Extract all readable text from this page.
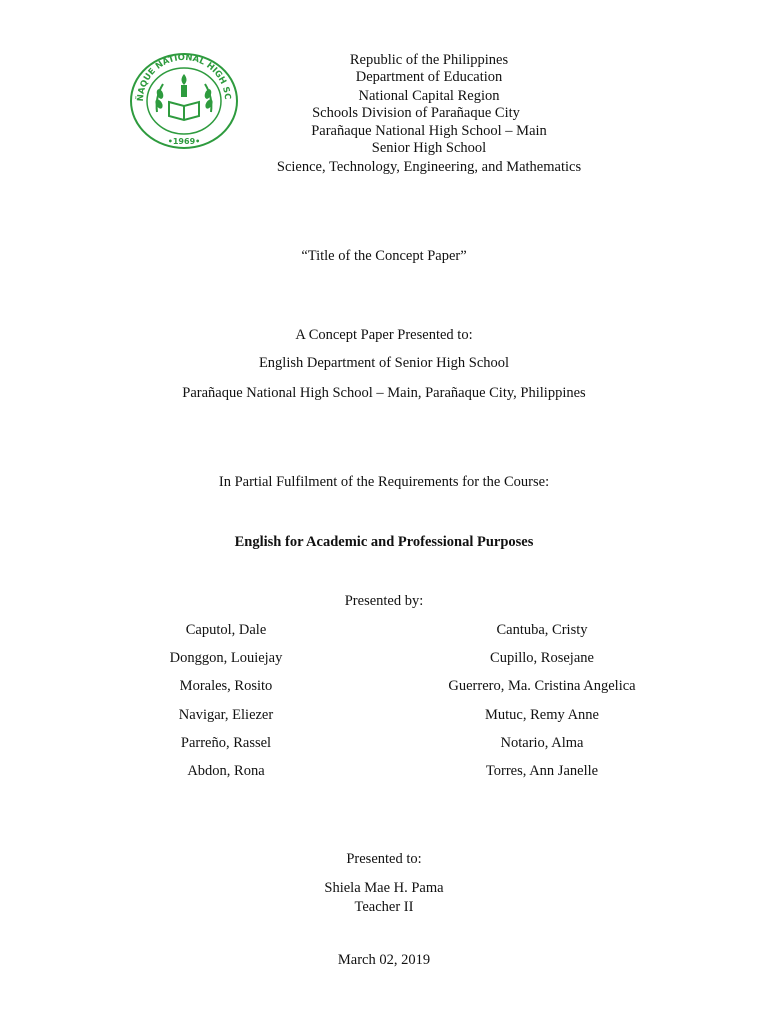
ÑAQUE NATIONAL HIGH SC
•1969•
Republic of the Philippines
Department of Education
National Capital Region
Schools Division of Parañaque City
Parañaque National High School – Main
Senior High School
Science, Technology, Engineering, and Mathematics
“Title of the Concept Paper”
A Concept Paper Presented to:
English Department of Senior High School
Parañaque National High School – Main, Parañaque City, Philippines
In Partial Fulfilment of the Requirements for the Course:
English for Academic and Professional Purposes
Presented by:
Caputol, Dale
Donggon, Louiejay
Morales, Rosito
Navigar, Eliezer
Parreño, Rassel
Abdon, Rona
Cantuba, Cristy
Cupillo, Rosejane
Guerrero, Ma. Cristina Angelica
Mutuc, Remy Anne
Notario, Alma
Torres, Ann Janelle
Presented to:
Shiela Mae H. Pama
Teacher II
March 02, 2019
